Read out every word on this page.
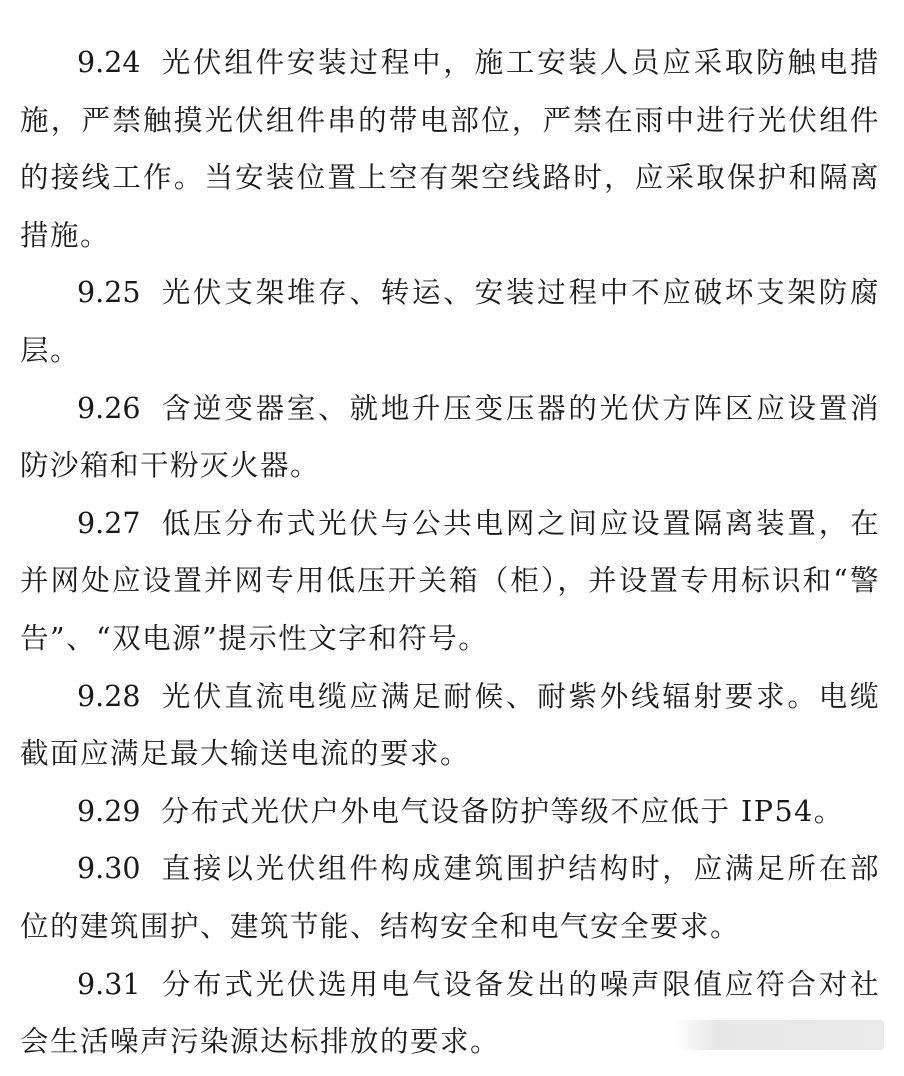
9.24 光伏组件安装过程中，施工安装人员应采取防触电措施，严禁触摸光伏组件串的带电部位，严禁在雨中进行光伏组件的接线工作。当安装位置上空有架空线路时，应采取保护和隔离措施。

9.25 光伏支架堆存、转运、安装过程中不应破坏支架防腐层。

9.26 含逆变器室、就地升压变压器的光伏方阵区应设置消防沙箱和干粉灭火器。

9.27 低压分布式光伏与公共电网之间应设置隔离装置，在并网处应设置并网专用低压开关箱（柜），并设置专用标识和“警告”、“双电源”提示性文字和符号。

9.28 光伏直流电缆应满足耐候、耐紫外线辐射要求。电缆截面应满足最大输送电流的要求。

9.29 分布式光伏户外电气设备防护等级不应低于 IP54。

9.30 直接以光伏组件构成建筑围护结构时，应满足所在部位的建筑围护、建筑节能、结构安全和电气安全要求。

9.31 分布式光伏选用电气设备发出的噪声限值应符合对社会生活噪声污染源达标排放的要求。
